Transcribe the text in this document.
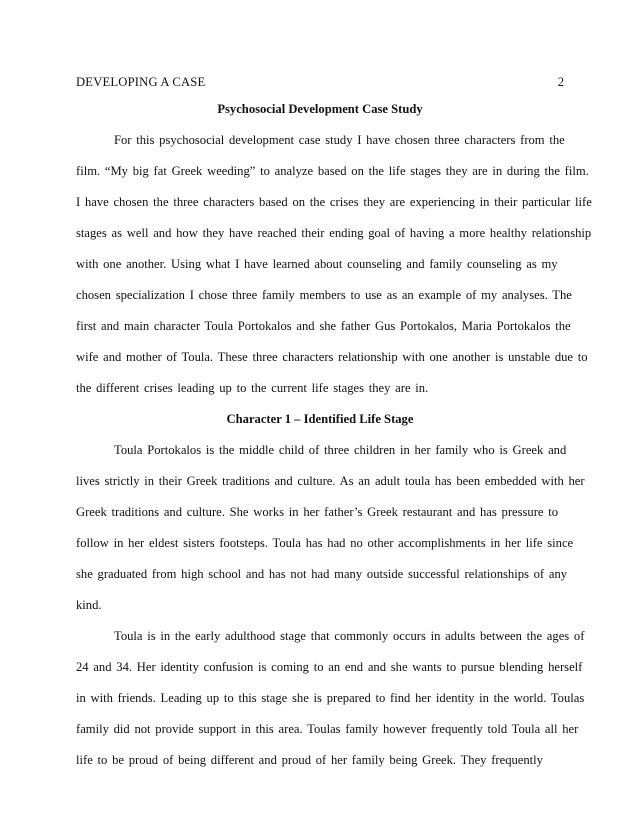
DEVELOPING A CASE	2
Psychosocial Development Case Study
For this psychosocial development case study I have chosen three characters from the
film. “My big fat Greek weeding” to analyze based on the life stages they are in during the film.
I have chosen the three characters based on the crises they are experiencing in their particular life
stages as well and how they have reached their ending goal of having a more healthy relationship
with one another. Using what I have learned about counseling and family counseling as my
chosen specialization I chose three family members to use as an example of my analyses. The
first and main character Toula Portokalos and she father Gus Portokalos, Maria Portokalos the
wife and mother of Toula. These three characters relationship with one another is unstable due to
the different crises leading up to the current life stages they are in.
Character 1 – Identified Life Stage
Toula Portokalos is the middle child of three children in her family who is Greek and
lives strictly in their Greek traditions and culture. As an adult toula has been embedded with her
Greek traditions and culture. She works in her father’s Greek restaurant and has pressure to
follow in her eldest sisters footsteps. Toula has had no other accomplishments in her life since
she graduated from high school and has not had many outside successful relationships of any
kind.
Toula is in the early adulthood stage that commonly occurs in adults between the ages of
24 and 34. Her identity confusion is coming to an end and she wants to pursue blending herself
in with friends. Leading up to this stage she is prepared to find her identity in the world. Toulas
family did not provide support in this area. Toulas family however frequently told Toula all her
life to be proud of being different and proud of her family being Greek. They frequently
